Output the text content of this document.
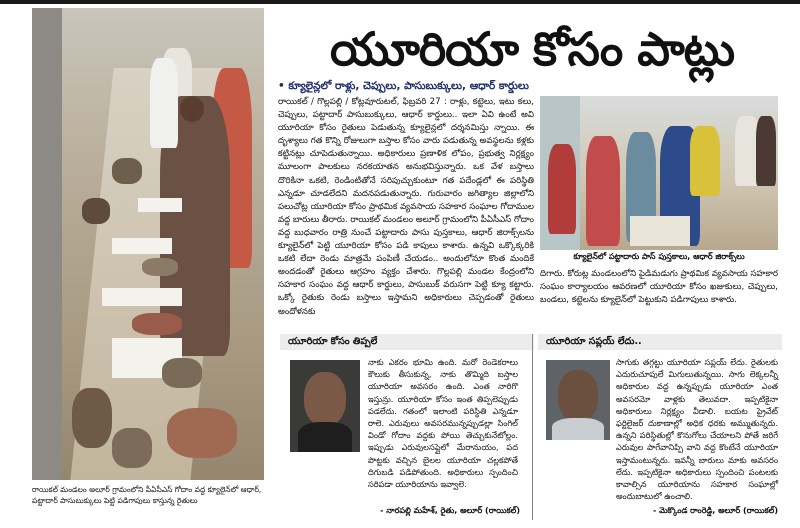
రాయికల్‌ మండలం అలూర్‌ గ్రామంలోని పీఏసీఎస్‌ గోదాం వద్ద క్యూలైన్‌లో ఆధార్‌, పట్టాదార్‌ పాసుబుక్కులు పెట్టి పడిగాపులు కాస్తున్న రైతులు
యూరియా కోసం పాట్లు
• క్యూలైన్లలో రాళ్లు, చెప్పులు, పాసుబుక్కులు, ఆధార్‌ కార్డులు
రాయికల్‌ / గొల్లపల్లి / కోట్లవూరుటల్‌, ఫిబ్రవరి 27 : రాళ్లు, కట్టెలు, ఇటు కలు, చెప్పులు, పట్టాదార్‌ పాసుబుక్కులు, ఆధార్‌ కార్డులు.. ఇలా ఏవి ఉంటే అవి యూరియా కోసం రైతులు పెడుతున్న క్యూలైన్లలో దర్శనమిస్తు న్నాయి. ఈ దృశ్యాలు గత కొన్ని రోజులుగా బస్తాల కోసం వారు పడుతున్న అవస్థలను కళ్లకు కట్టినట్లు చూపెడుతున్నాయి. అధికారులు ప్రణాళిక లోపం, ప్రభుత్వ నిర్లక్ష్యం మూలంగా పాలకులు నరకయాతన అనుభవిస్తున్నారు. ఒక వేళ బస్తాలు దొరికినా ఒకటి, రెండింటితోనే సరిపుచ్చుకుంటూ గత పదేండ్లలో ఈ పరిస్థితి ఎన్నడూ చూడలేదని మదనపడుతున్నారు. గురువారం జగిత్యాల జిల్లాలోని పలుచోట్ల యూరియా కోసం ప్రాథమిక వ్యవసాయ సహకార సంఘాల గోదాముల వద్ద బారులు తీరారు. రాయికల్‌ మండలం అలూర్‌ గ్రామంలోని పీఏసీఎస్‌ గోదాం వద్ద బుధవారం రాత్రి నుంచే పట్టాదారు పాసు పుస్తకాలు, ఆధార్‌ జిరాక్స్‌లను క్యూలైన్‌లో పెట్టి యూరియా కోసం పడి కాపులు కాశారు. ఉన్నవి ఒక్కొక్కరికి ఒకటి లేదా రెండు మాత్రమే పంపిణీ చేయడం.. అందులోనూ కొంత మందికే అందడంతో రైతులు ఆగ్రహం వ్యక్తం చేశారు. గొల్లపల్లి మండల కేంద్రంలోని సహకార సంఘం వద్ద ఆధార్‌ కార్డులు, పాసుబుక్‌ వరుసగా పెట్టి క్యూ కట్టారు. ఒక్కో రైతుకు రెండు బస్తాలు ఇస్తామని అధికారులు చెప్పడంతో రైతులు అందోళనకు
క్యూలైన్‌లో పట్టాదారు పాస్‌ పుస్తకాలు, ఆధార్‌ జిరాక్స్‌లు
దిగారు. కోరుట్ల మండలంలోని పైడిమడుగు ప్రాథమిక వ్యవసాయ సహకార సంఘం కార్యాలయం ఆవరణలో యూరియా కోసం ఖజుకులు, చెప్పులు, బండలు, కట్టెలను క్యూలైన్‌లో పెట్టుకుని పడిగాపులు కాశారు.
యూరియా కోసం తిప్పలే
నాకు ఎకరం భూమి ఉంది. మరో రెండెకరాలు కౌలుకు తీసుకున్న, నాకు తొమ్మిది బస్తాల యూరియా అవసరం ఉంది. ఎంత నారిగొ ఇస్తున్రు. యూరియా కోసం ఇంత తిప్పలెప్పుడు పడలేదు. గతంలో ఇలాంటి పరిస్థితి ఎన్నడూ రాలె. ఎరువులు అవసరమున్నప్పుడల్లా సింగిల్‌ విండో గోదాం వద్దకు పోయి తెచ్చుకునేటోల్లం. ఇప్పుడు ఎరువులసప్లైలో మేరానుయం, పద పొట్టకు వచ్చిన బైలల యూరియా చల్లకపోతే దిగుబడి పడిపోతుంది. అధికారులు స్పందించి సరిపడా యూరియాను ఇవ్వాలె.
- నారపల్లి మహేశ్‌, రైతు, అలూర్‌ (రాయికల్‌)
యూరియా సప్లయ్‌ లేదు..
సాగుకు తగ్గట్టు యూరియా సప్లయ్‌ లేదు. రైతులకు ఎదురుచూపులే మిగులుతున్నయి. సాగు లెక్కలన్నీ అధికారుల వద్ద ఉన్నప్పుడు యూరియా ఎంత అవసరమో వాళ్లకు తెలువదా. ఇప్పటికైనా అధికారులు నిర్లక్ష్యం వీడాలి. బయట ప్రైవేట్‌ ఫర్టిలైజర్‌ దుకాణాల్లో అధిక ధరకు అమ్ముతున్నరు. ఉన్నని పరిస్థితుల్లో కొనుగోలు చేయాలని పోతే జరిగే ఎరువుల పాగేవానిప్పి వాని వద్ద కొంటేనే యూరియా ఇస్తామంటున్నరు. ఇవన్నీ బారులు మాకు అవసరం లేదు. ఇప్పటికైనా అధికారులు స్పందించి పంటలకు కావాల్సిన యూరియాను సహకార సంఘాల్లో అందుబాటులో ఉంచాలి.
- మెక్కొండ రాంరెడ్డి, అలూర్‌ (రాయికల్‌)
